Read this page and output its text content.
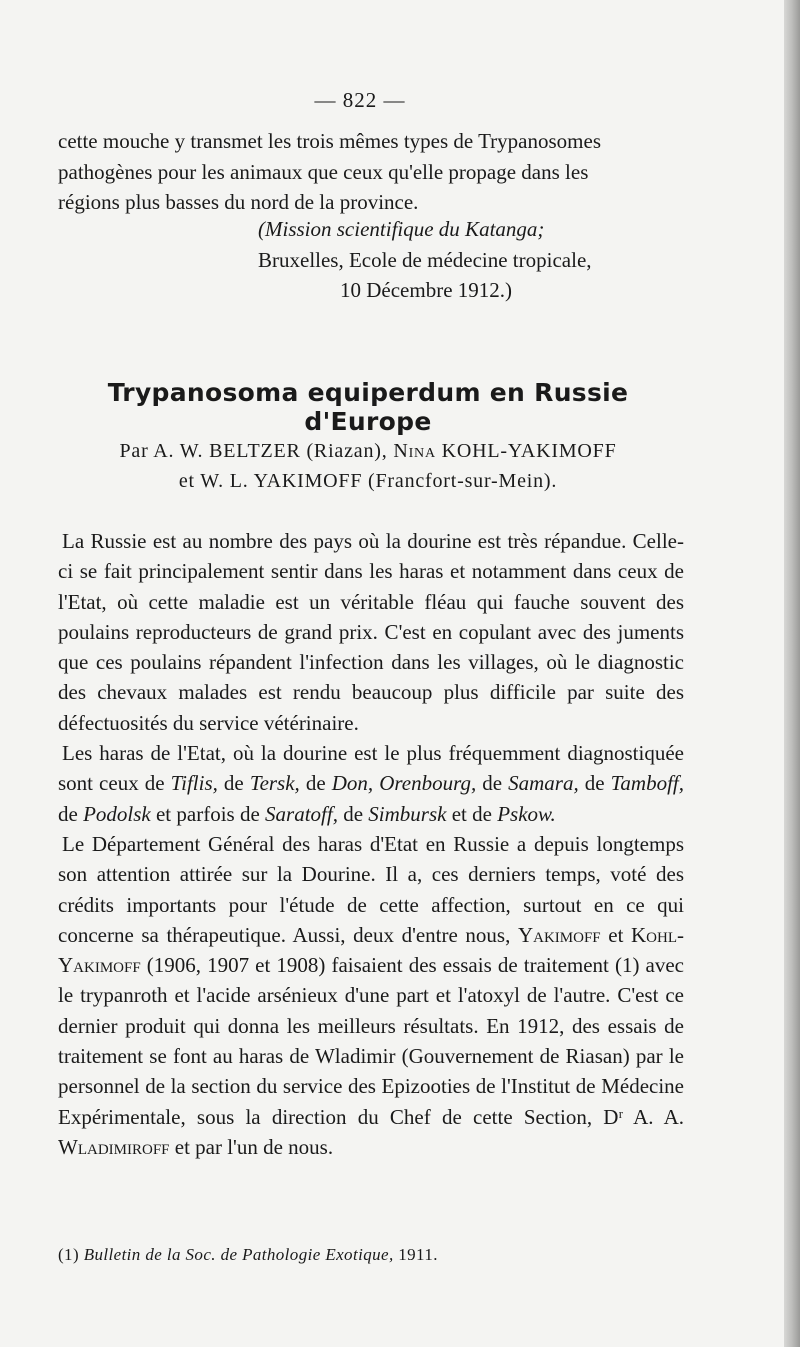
— 822 —
cette mouche y transmet les trois mêmes types de Trypanosomes
pathogènes pour les animaux que ceux qu'elle propage dans les
régions plus basses du nord de la province.
(Mission scientifique du Katanga;
Bruxelles, Ecole de médecine tropicale,
10 Décembre 1912.)
Trypanosoma equiperdum en Russie d'Europe
Par A. W. BELTZER (Riazan), Nina KOHL-YAKIMOFF
et W. L. YAKIMOFF (Francfort-sur-Mein).

La Russie est au nombre des pays où la dourine est très répandue. Celle-ci se fait principalement sentir dans les haras et notamment dans ceux de l'Etat, où cette maladie est un véritable fléau qui fauche souvent des poulains reproducteurs de grand prix. C'est en copulant avec des juments que ces poulains répandent l'infection dans les villages, où le diagnostic des chevaux malades est rendu beaucoup plus difficile par suite des défectuosités du service vétérinaire.

Les haras de l'Etat, où la dourine est le plus fréquemment diagnostiquée sont ceux de Tiflis, de Tersk, de Don, Orenbourg, de Samara, de Tamboff, de Podolsk et parfois de Saratoff, de Simbursk et de Pskow.

Le Département Général des haras d'Etat en Russie a depuis longtemps son attention attirée sur la Dourine. Il a, ces derniers temps, voté des crédits importants pour l'étude de cette affection, surtout en ce qui concerne sa thérapeutique. Aussi, deux d'entre nous, Yakimoff et Kohl-Yakimoff (1906, 1907 et 1908) faisaient des essais de traitement (1) avec le trypanroth et l'acide arsénieux d'une part et l'atoxyl de l'autre. C'est ce dernier produit qui donna les meilleurs résultats. En 1912, des essais de traitement se font au haras de Wladimir (Gouvernement de Riasan) par le personnel de la section du service des Epizooties de l'Institut de Médecine Expérimentale, sous la direction du Chef de cette Section, Dʳ A. A. Wladimiroff et par l'un de nous.

(1) Bulletin de la Soc. de Pathologie Exotique, 1911.
